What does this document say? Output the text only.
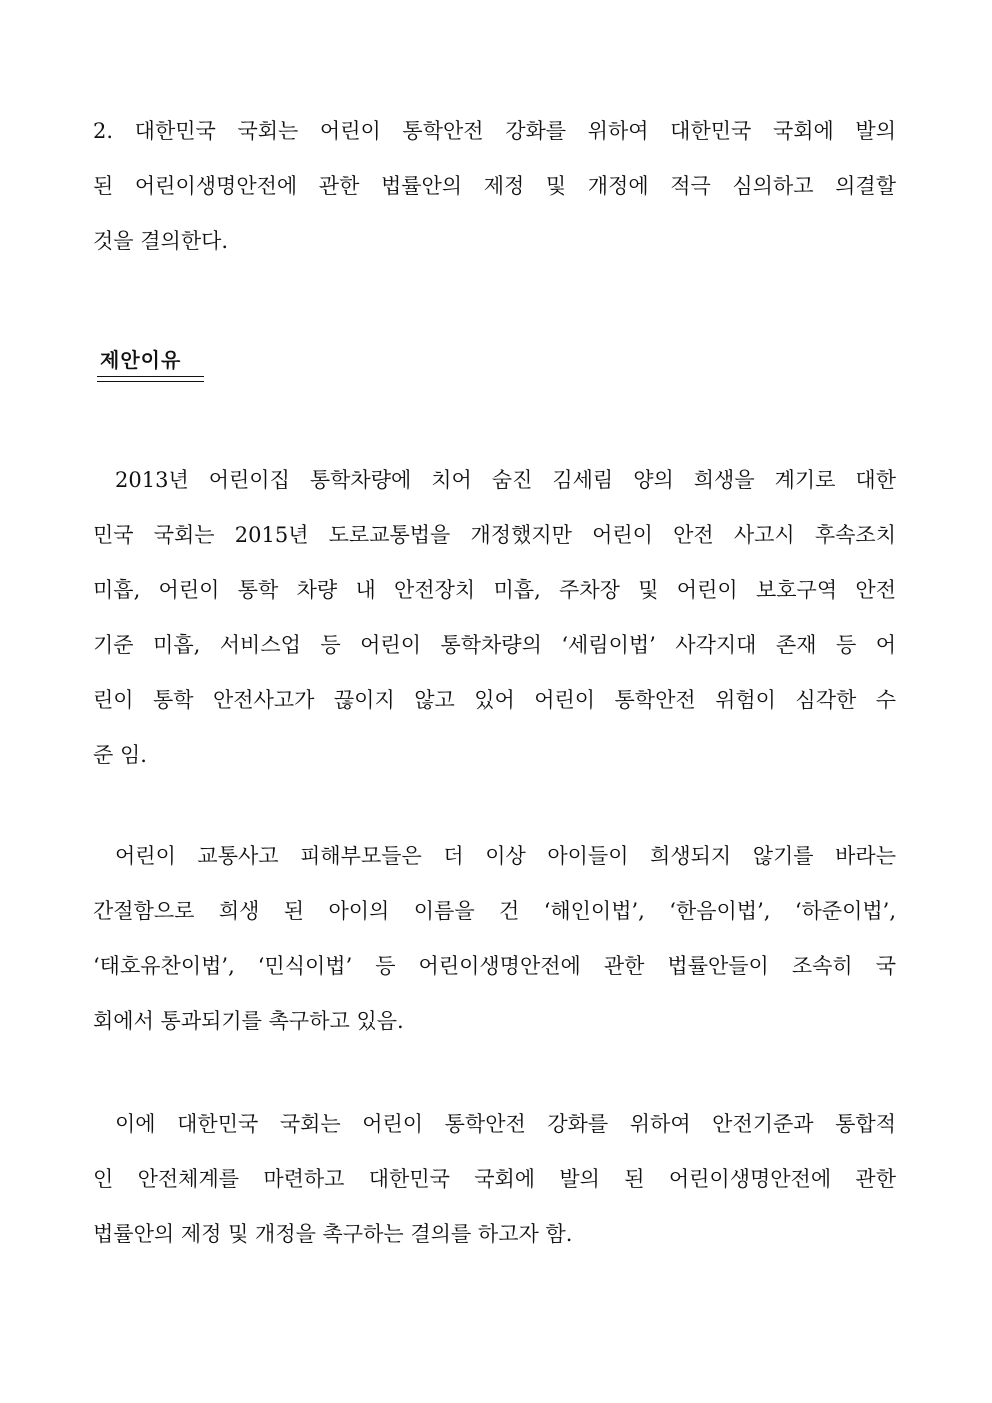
2. 대한민국 국회는 어린이 통학안전 강화를 위하여 대한민국 국회에 발의
된 어린이생명안전에 관한 법률안의 제정 및 개정에 적극 심의하고 의결할
것을 결의한다.
제안이유
2013년 어린이집 통학차량에 치어 숨진 김세림 양의 희생을 계기로 대한
민국 국회는 2015년 도로교통법을 개정했지만 어린이 안전 사고시 후속조치
미흡, 어린이 통학 차량 내 안전장치 미흡, 주차장 및 어린이 보호구역 안전
기준 미흡, 서비스업 등 어린이 통학차량의 ‘세림이법’ 사각지대 존재 등 어
린이 통학 안전사고가 끊이지 않고 있어 어린이 통학안전 위험이 심각한 수
준 임.
어린이 교통사고 피해부모들은 더 이상 아이들이 희생되지 않기를 바라는
간절함으로 희생 된 아이의 이름을 건 ‘해인이법’, ‘한음이법’, ‘하준이법’,
‘태호유찬이법’, ‘민식이법’ 등 어린이생명안전에 관한 법률안들이 조속히 국
회에서 통과되기를 촉구하고 있음.
이에 대한민국 국회는 어린이 통학안전 강화를 위하여 안전기준과 통합적
인 안전체계를 마련하고 대한민국 국회에 발의 된 어린이생명안전에 관한
법률안의 제정 및 개정을 촉구하는 결의를 하고자 함.
